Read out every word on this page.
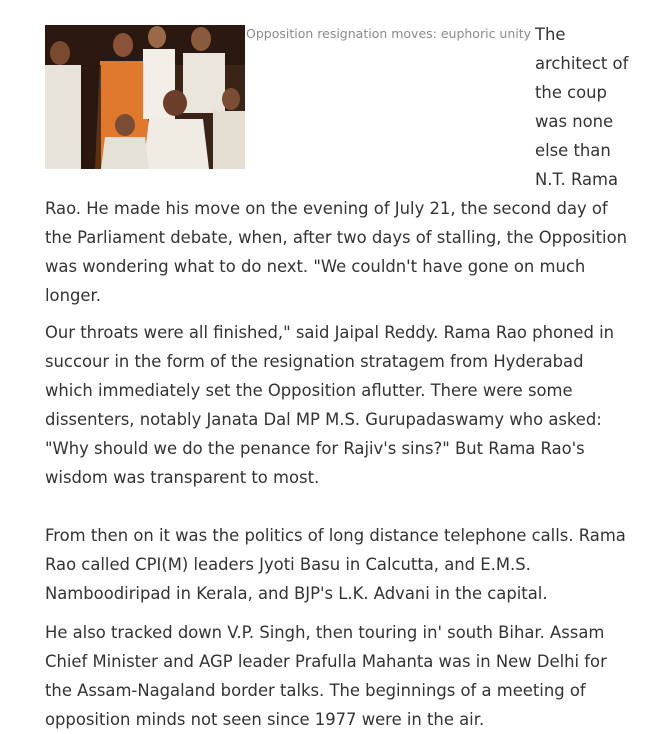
Opposition resignation moves: euphoric unity The architect of the coup was none else than N.T. Rama Rao. He made his move on the evening of July 21, the second day of the Parliament debate, when, after two days of stalling, the Opposition was wondering what to do next. "We couldn't have gone on much longer.

Our throats were all finished," said Jaipal Reddy. Rama Rao phoned in succour in the form of the resignation stratagem from Hyderabad which immediately set the Opposition aflutter. There were some dissenters, notably Janata Dal MP M.S. Gurupadaswamy who asked: "Why should we do the penance for Rajiv's sins?" But Rama Rao's wisdom was transparent to most.

From then on it was the politics of long distance telephone calls. Rama Rao called CPI(M) leaders Jyoti Basu in Calcutta, and E.M.S. Namboodiripad in Kerala, and BJP's L.K. Advani in the capital.

He also tracked down V.P. Singh, then touring in' south Bihar. Assam Chief Minister and AGP leader Prafulla Mahanta was in New Delhi for the Assam-Nagaland border talks. The beginnings of a meeting of opposition minds not seen since 1977 were in the air.
